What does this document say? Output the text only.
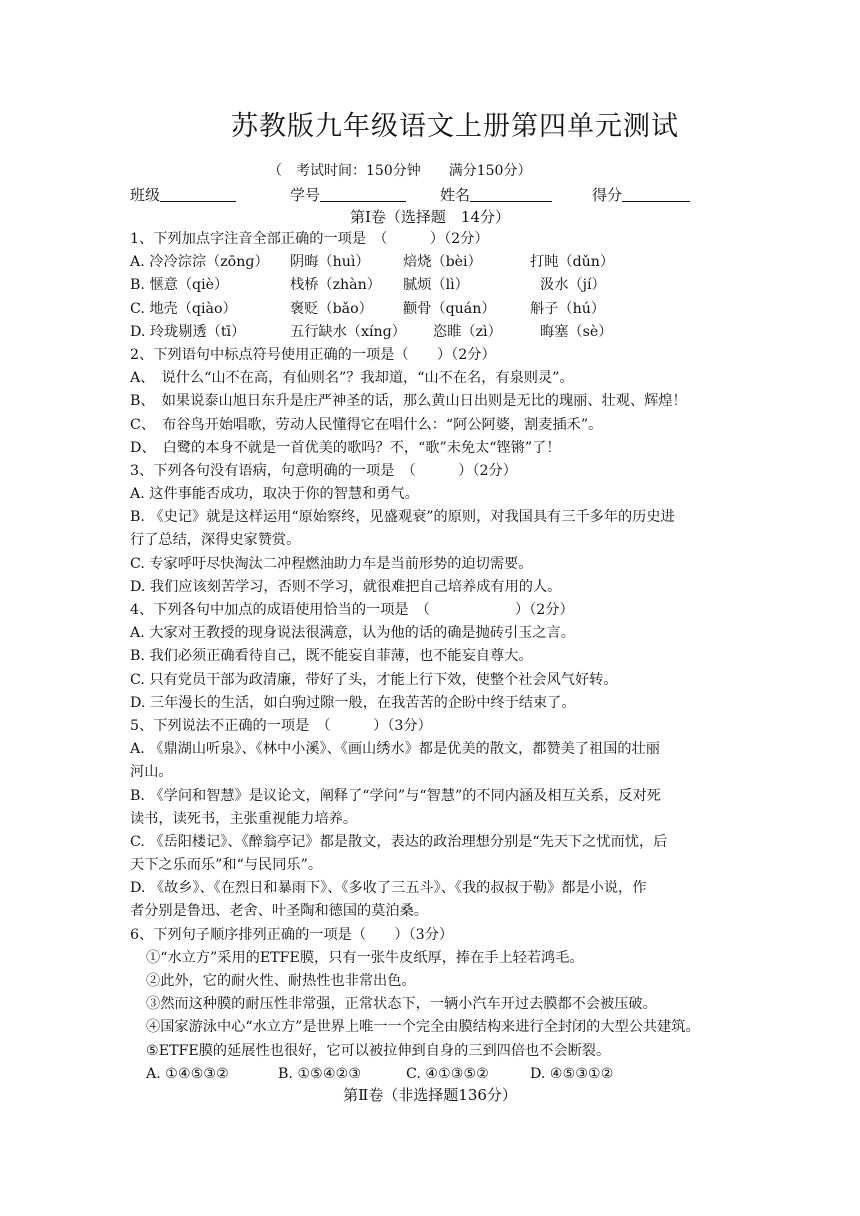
苏教版九年级语文上册第四单元测试
（　考试时间：150分钟　　满分150分）
班级	学号	姓名	得分
第Ⅰ卷（选择题　14分）
1、下列加点字注音全部正确的一项是　（　　　）（2分）
A. 冷冷淙淙（zōnɡ） 阴晦（huì） 焙烧（bèi）	打盹（dǔn）
B. 惬意（qiè）	栈桥（zhàn） 腻烦（lì）	汲水（jí）
C. 地壳（qiào）	褒贬（bǎo） 颧骨（quán） 斛子（hú）
D. 玲珑剔透（tī）	五行缺水（xínɡ） 恣睢（zì）	晦塞（sè）
2、下列语句中标点符号使用正确的一项是（　　）（2分）
A、　说什么“山不在高，有仙则名”？我却道，“山不在名，有泉则灵”。
B、　如果说泰山旭日东升是庄严神圣的话，那么黄山日出则是无比的瑰丽、壮观、辉煌！
C、　布谷鸟开始唱歌，劳动人民懂得它在唱什么：“阿公阿婆，割麦插禾”。
D、　白鹭的本身不就是一首优美的歌吗？不，“歌”未免太“铿锵”了！
3、下列各句没有语病，句意明确的一项是　（　　　）（2分）
A. 这件事能否成功，取决于你的智慧和勇气。
B. 《史记》就是这样运用“原始察终，见盛观衰”的原则，对我国具有三千多年的历史进
行了总结，深得史家赞赏。
C. 专家呼吁尽快淘汰二冲程燃油助力车是当前形势的迫切需要。
D. 我们应该刻苦学习，否则不学习，就很难把自己培养成有用的人。
4、下列各句中加点的成语使用恰当的一项是　（　　　　　　）（2分）
A. 大家对王教授的现身说法很满意，认为他的话的确是抛砖引玉之言。
B. 我们必须正确看待自己，既不能妄自菲薄，也不能妄自尊大。
C. 只有党员干部为政清廉，带好了头，才能上行下效，使整个社会风气好转。
D. 三年漫长的生活，如白驹过隙一般，在我苦苦的企盼中终于结束了。
5、下列说法不正确的一项是　（　　　）（3分）
A. 《鼎湖山听泉》、《林中小溪》、《画山绣水》都是优美的散文，都赞美了祖国的壮丽
河山。
B. 《学问和智慧》是议论文，阐释了“学问”与“智慧”的不同内涵及相互关系，反对死
读书，读死书，主张重视能力培养。
C. 《岳阳楼记》、《醉翁亭记》都是散文，表达的政治理想分别是“先天下之忧而忧，后
天下之乐而乐”和“与民同乐”。
D. 《故乡》、《在烈日和暴雨下》、《多收了三五斗》、《我的叔叔于勒》都是小说，作
者分别是鲁迅、老舍、叶圣陶和德国的莫泊桑。
6、下列句子顺序排列正确的一项是（　　）（3分）
①“水立方”采用的ETFE膜，只有一张牛皮纸厚，捧在手上轻若鸿毛。
②此外，它的耐火性、耐热性也非常出色。
③然而这种膜的耐压性非常强，正常状态下，一辆小汽车开过去膜都不会被压破。
④国家游泳中心“水立方”是世界上唯一一个完全由膜结构来进行全封闭的大型公共建筑。
⑤ETFE膜的延展性也很好，它可以被拉伸到自身的三到四倍也不会断裂。
A. ①④⑤③②	B. ①⑤④②③	C. ④①③⑤②	D. ④⑤③①②
第Ⅱ卷（非选择题136分）
